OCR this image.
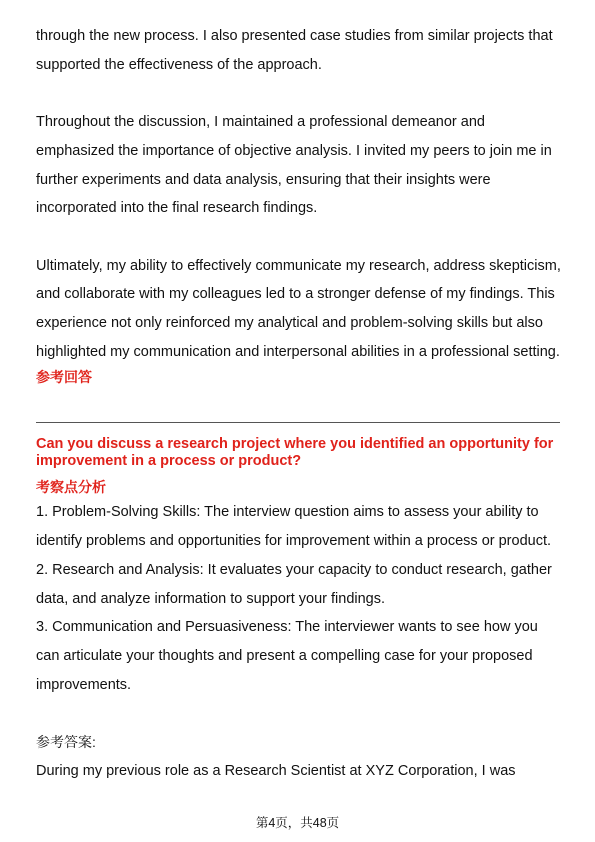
through the new process. I also presented case studies from similar projects that

supported the effectiveness of the approach.

Throughout the discussion, I maintained a professional demeanor and

emphasized the importance of objective analysis. I invited my peers to join me in

further experiments and data analysis, ensuring that their insights were

incorporated into the final research findings.

Ultimately, my ability to effectively communicate my research, address skepticism,

and collaborate with my colleagues led to a stronger defense of my findings. This

experience not only reinforced my analytical and problem-solving skills but also

highlighted my communication and interpersonal abilities in a professional setting.

参考回答

Can you discuss a research project where you identified an opportunity for

improvement in a process or product?

考察点分析

1. Problem-Solving Skills: The interview question aims to assess your ability to

identify problems and opportunities for improvement within a process or product.

2. Research and Analysis: It evaluates your capacity to conduct research, gather

data, and analyze information to support your findings.

3. Communication and Persuasiveness: The interviewer wants to see how you

can articulate your thoughts and present a compelling case for your proposed

improvements.

参考答案:

During my previous role as a Research Scientist at XYZ Corporation, I was

第4页，共48页
